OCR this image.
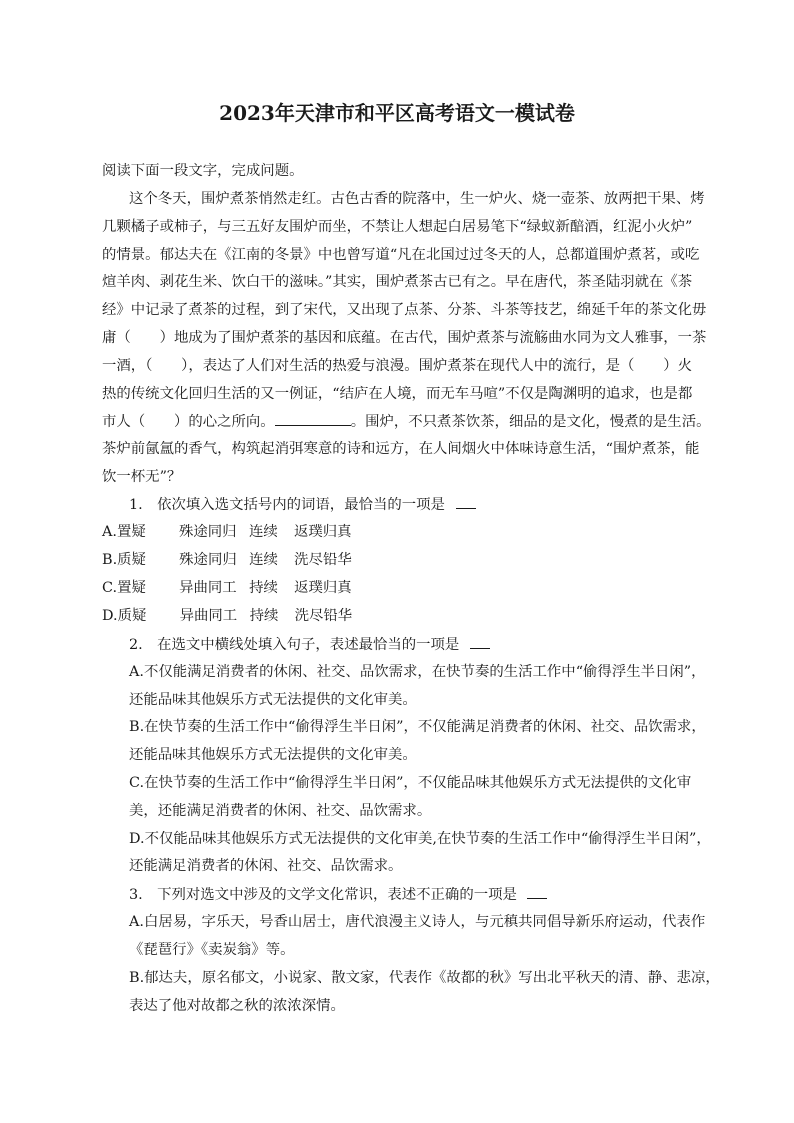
2023年天津市和平区高考语文一模试卷
阅读下面一段文字，完成问题。
这个冬天，围炉煮茶悄然走红。古色古香的院落中，生一炉火、烧一壶茶、放两把干果、烤
几颗橘子或柿子，与三五好友围炉而坐，不禁让人想起白居易笔下“绿蚁新醅酒，红泥小火炉”
的情景。郁达夫在《江南的冬景》中也曾写道“凡在北国过过冬天的人，总都道围炉煮茗，或吃
煊羊肉、剥花生米、饮白干的滋味。”其实，围炉煮茶古已有之。早在唐代，茶圣陆羽就在《茶
经》中记录了煮茶的过程，到了宋代，又出现了点茶、分茶、斗茶等技艺，绵延千年的茶文化毋
庸（　　）地成为了围炉煮茶的基因和底蕴。在古代，围炉煮茶与流觞曲水同为文人雅事，一茶
一酒，（　　），表达了人们对生活的热爱与浪漫。围炉煮茶在现代人中的流行，是（　　）火
热的传统文化回归生活的又一例证，“结庐在人境，而无车马喧”不仅是陶渊明的追求，也是都
市人（　　）的心之所向。	。围炉，不只煮茶饮茶，细品的是文化，慢煮的是生活。
茶炉前氤氲的香气，构筑起消弭寒意的诗和远方，在人间烟火中体味诗意生活，“围炉煮茶，能
饮一杯无”？
1.　依次填入选文括号内的词语，最恰当的一项是
A.置疑 殊途同归 连续 返璞归真
B.质疑 殊途同归 连续 洗尽铅华
C.置疑 异曲同工 持续 返璞归真
D.质疑 异曲同工 持续 洗尽铅华
2.　在选文中横线处填入句子，表述最恰当的一项是
A.不仅能满足消费者的休闲、社交、品饮需求，在快节奏的生活工作中“偷得浮生半日闲”，
还能品味其他娱乐方式无法提供的文化审美。
B.在快节奏的生活工作中“偷得浮生半日闲”，不仅能满足消费者的休闲、社交、品饮需求，
还能品味其他娱乐方式无法提供的文化审美。
C.在快节奏的生活工作中“偷得浮生半日闲”，不仅能品味其他娱乐方式无法提供的文化审
美，还能满足消费者的休闲、社交、品饮需求。
D.不仅能品味其他娱乐方式无法提供的文化审美,在快节奏的生活工作中“偷得浮生半日闲”，
还能满足消费者的休闲、社交、品饮需求。
3.　下列对选文中涉及的文学文化常识，表述不正确的一项是
A.白居易，字乐天，号香山居士，唐代浪漫主义诗人，与元稹共同倡导新乐府运动，代表作
《琵琶行》《卖炭翁》等。
B.郁达夫，原名郁文，小说家、散文家，代表作《故都的秋》写出北平秋天的清、静、悲凉，
表达了他对故都之秋的浓浓深情。
